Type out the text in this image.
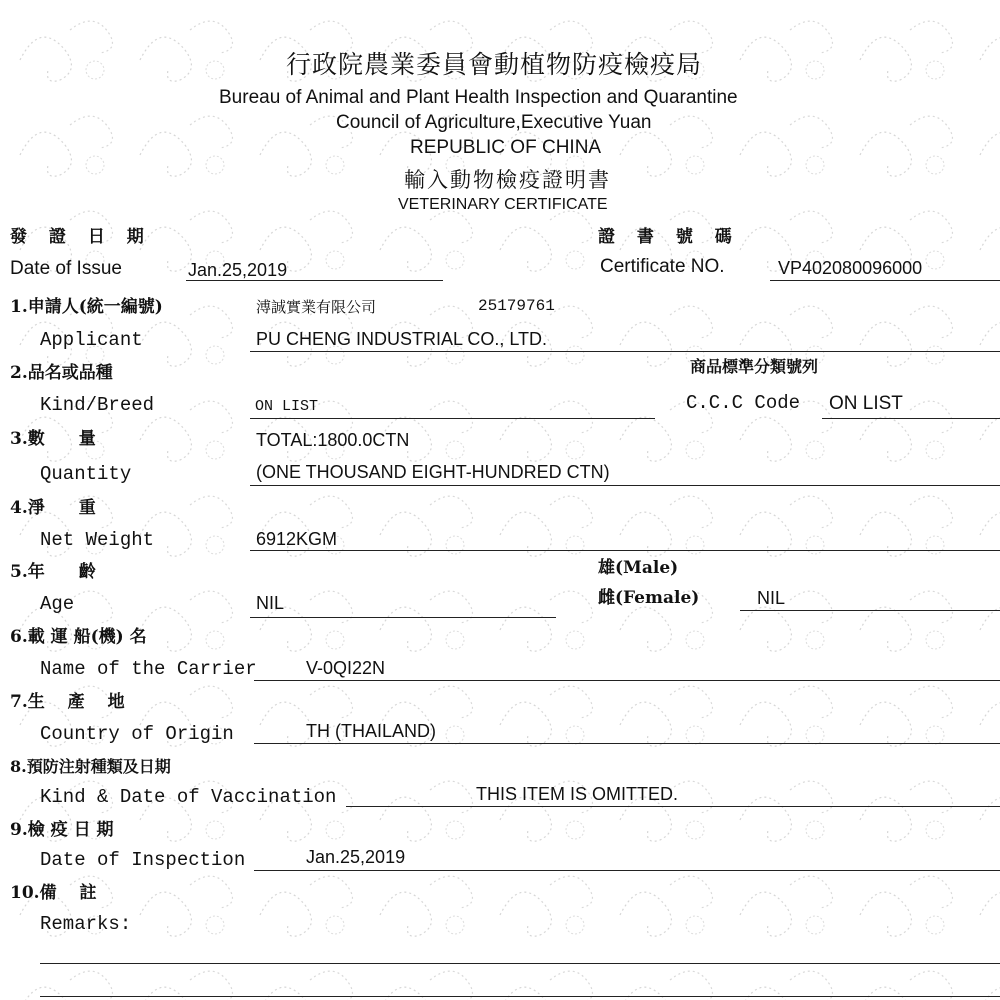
行政院農業委員會動植物防疫檢疫局
Bureau of Animal and Plant Health Inspection and Quarantine
Council of Agriculture,Executive Yuan
REPUBLIC OF CHINA
輸入動物檢疫證明書
VETERINARY CERTIFICATE
發 證 日 期
Date of Issue	Jan.25,2019
證 書 號 碼
Certificate NO.	VP402080096000
1.申請人(統一編號)	溥誠實業有限公司	25179761
Applicant	PU CHENG INDUSTRIAL CO., LTD.
2.品名或品種	商品標準分類號列
Kind/Breed	ON LIST	C.C.C Code ON LIST
3.數　　量	TOTAL:1800.0CTN
Quantity	(ONE THOUSAND EIGHT-HUNDRED CTN)
4.淨　　重
Net Weight	6912KGM
5.年　　齡	雄(Male)
Age	NIL	雌(Female)	NIL
6.載 運 船(機) 名
Name of the Carrier	V-0QI22N
7.生　 產　 地
Country of Origin	TH (THAILAND)
8.預防注射種類及日期
Kind & Date of Vaccination	THIS ITEM IS OMITTED.
9.檢 疫 日 期
Date of Inspection	Jan.25,2019
10.備　 註
Remarks:
